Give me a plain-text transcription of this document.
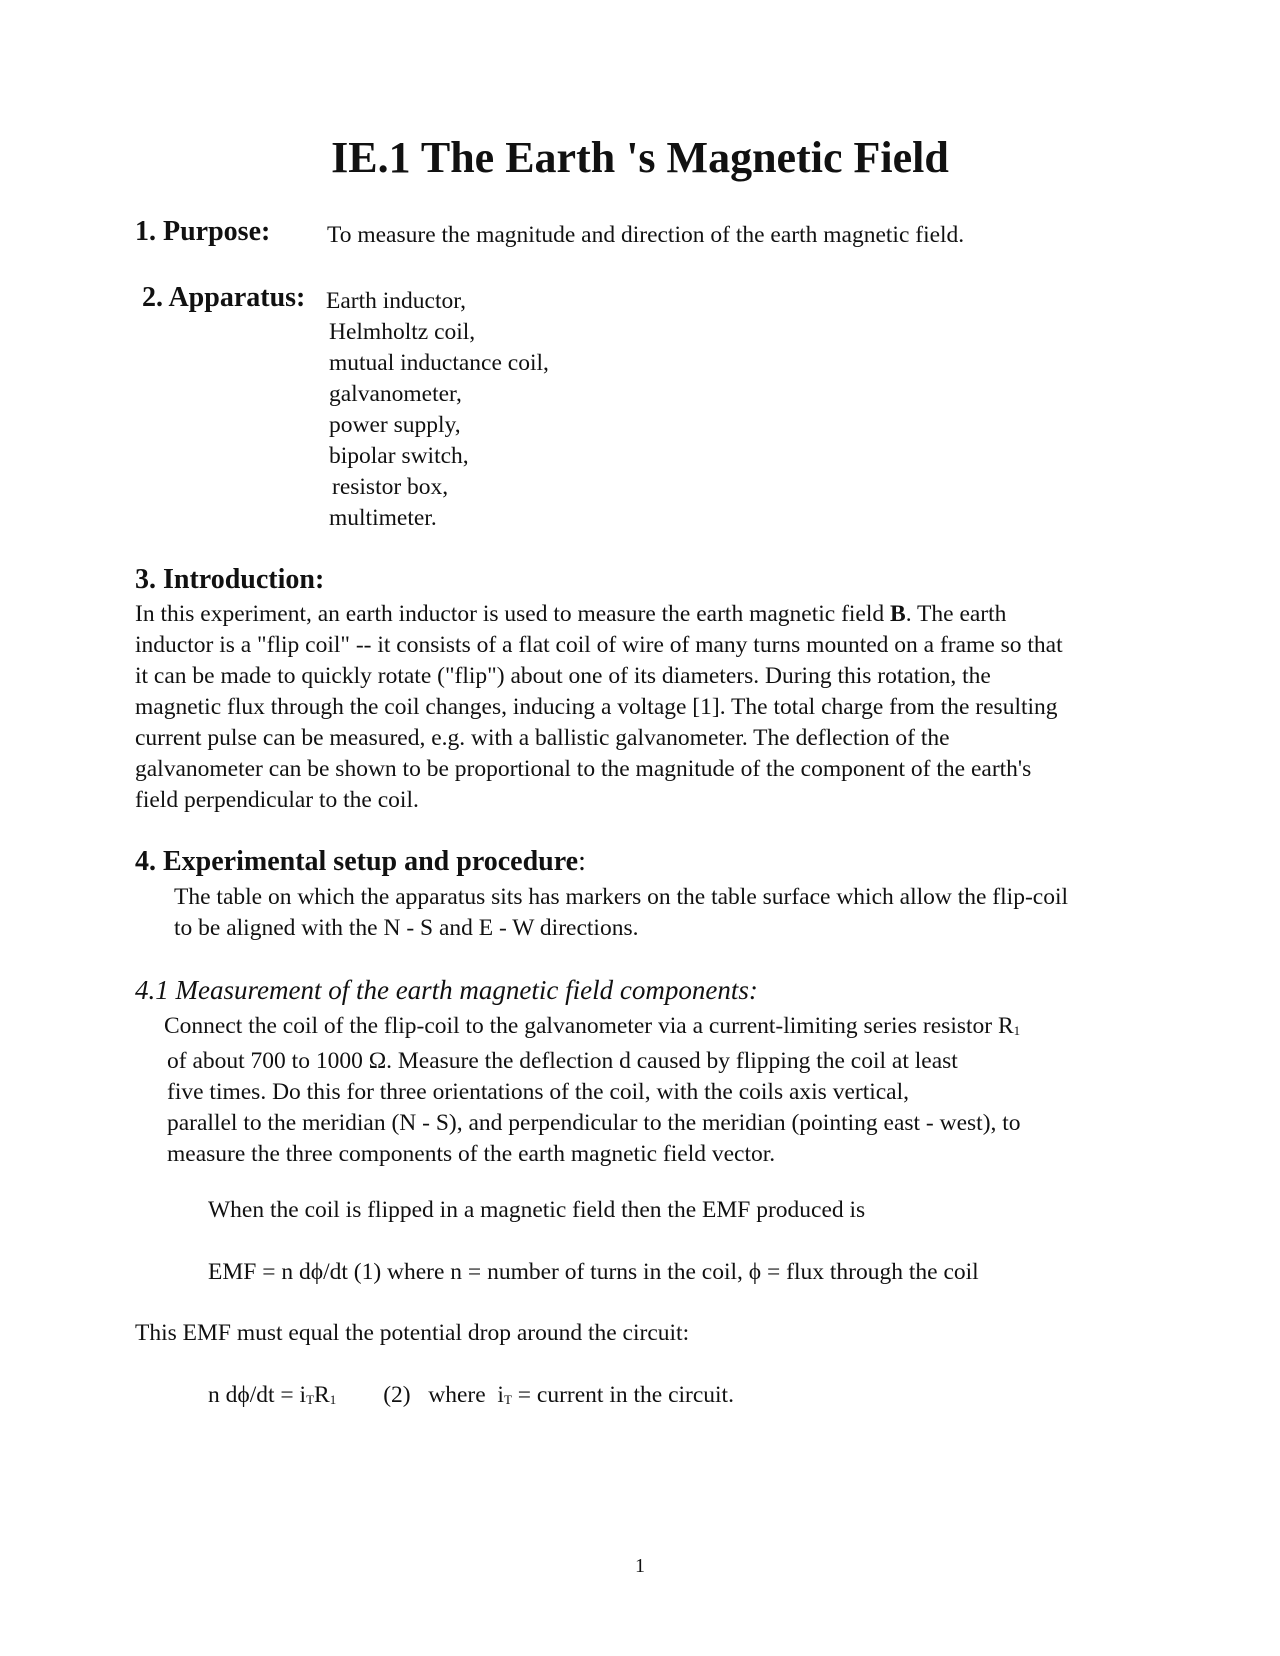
IE.1 The Earth 's Magnetic Field
1. Purpose: To measure the magnitude and direction of the earth magnetic field.
2. Apparatus: Earth inductor,
Helmholtz coil,
mutual inductance coil,
galvanometer,
power supply,
bipolar switch,
resistor box,
multimeter.
3. Introduction:
In this experiment, an earth inductor is used to measure the earth magnetic field B. The earth
inductor is a "flip coil" -- it consists of a flat coil of wire of many turns mounted on a frame so that
it can be made to quickly rotate ("flip") about one of its diameters. During this rotation, the
magnetic flux through the coil changes, inducing a voltage [1]. The total charge from the resulting
current pulse can be measured, e.g. with a ballistic galvanometer. The deflection of the
galvanometer can be shown to be proportional to the magnitude of the component of the earth's
field perpendicular to the coil.
4. Experimental setup and procedure:
The table on which the apparatus sits has markers on the table surface which allow the flip-coil
to be aligned with the N - S and E - W directions.
4.1 Measurement of the earth magnetic field components:
Connect the coil of the flip-coil to the galvanometer via a current-limiting series resistor R1
of about 700 to 1000 Ω. Measure the deflection d caused by flipping the coil at least
five times. Do this for three orientations of the coil, with the coils axis vertical,
parallel to the meridian (N - S), and perpendicular to the meridian (pointing east - west), to
measure the three components of the earth magnetic field vector.
When the coil is flipped in a magnetic field then the EMF produced is
EMF = n dϕ/dt (1) where n = number of turns in the coil, ϕ = flux through the coil
This EMF must equal the potential drop around the circuit:
n dϕ/dt = iTR1        (2)   where  iT = current in the circuit.
1
